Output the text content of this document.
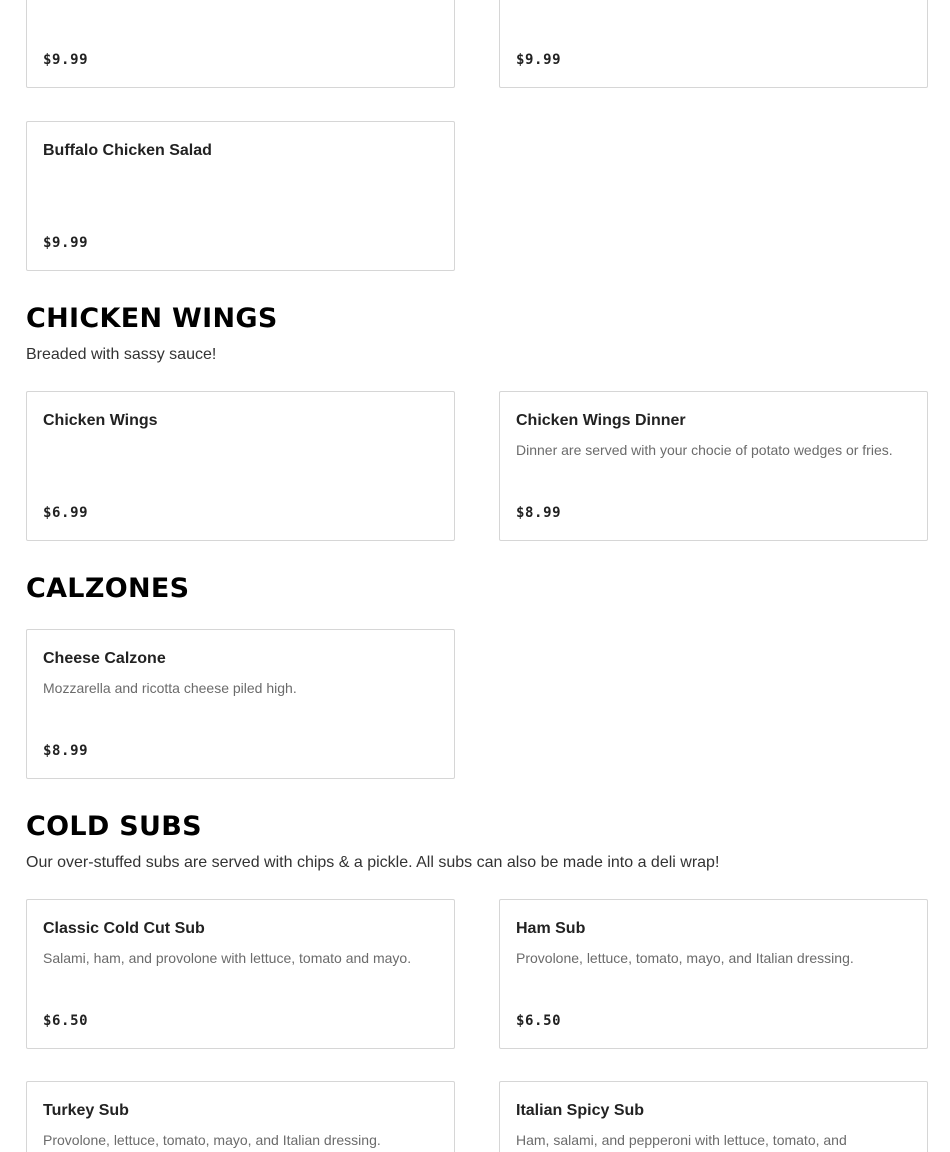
$9.99	$9.99
Buffalo Chicken Salad
$9.99
CHICKEN WINGS

Breaded with sassy sauce!

Chicken Wings
$6.99
Chicken Wings Dinner
Dinner are served with your chocie of potato wedges or fries.
$8.99
CALZONES
Cheese Calzone
Mozzarella and ricotta cheese piled high.
$8.99
COLD SUBS

Our over-stuffed subs are served with chips & a pickle. All subs can also be made into a deli wrap!

Classic Cold Cut Sub
Salami, ham, and provolone with lettuce, tomato and mayo.
$6.50
Ham Sub
Provolone, lettuce, tomato, mayo, and Italian dressing.
$6.50
Turkey Sub
Provolone, lettuce, tomato, mayo, and Italian dressing.
Italian Spicy Sub
Ham, salami, and pepperoni with lettuce, tomato, and
